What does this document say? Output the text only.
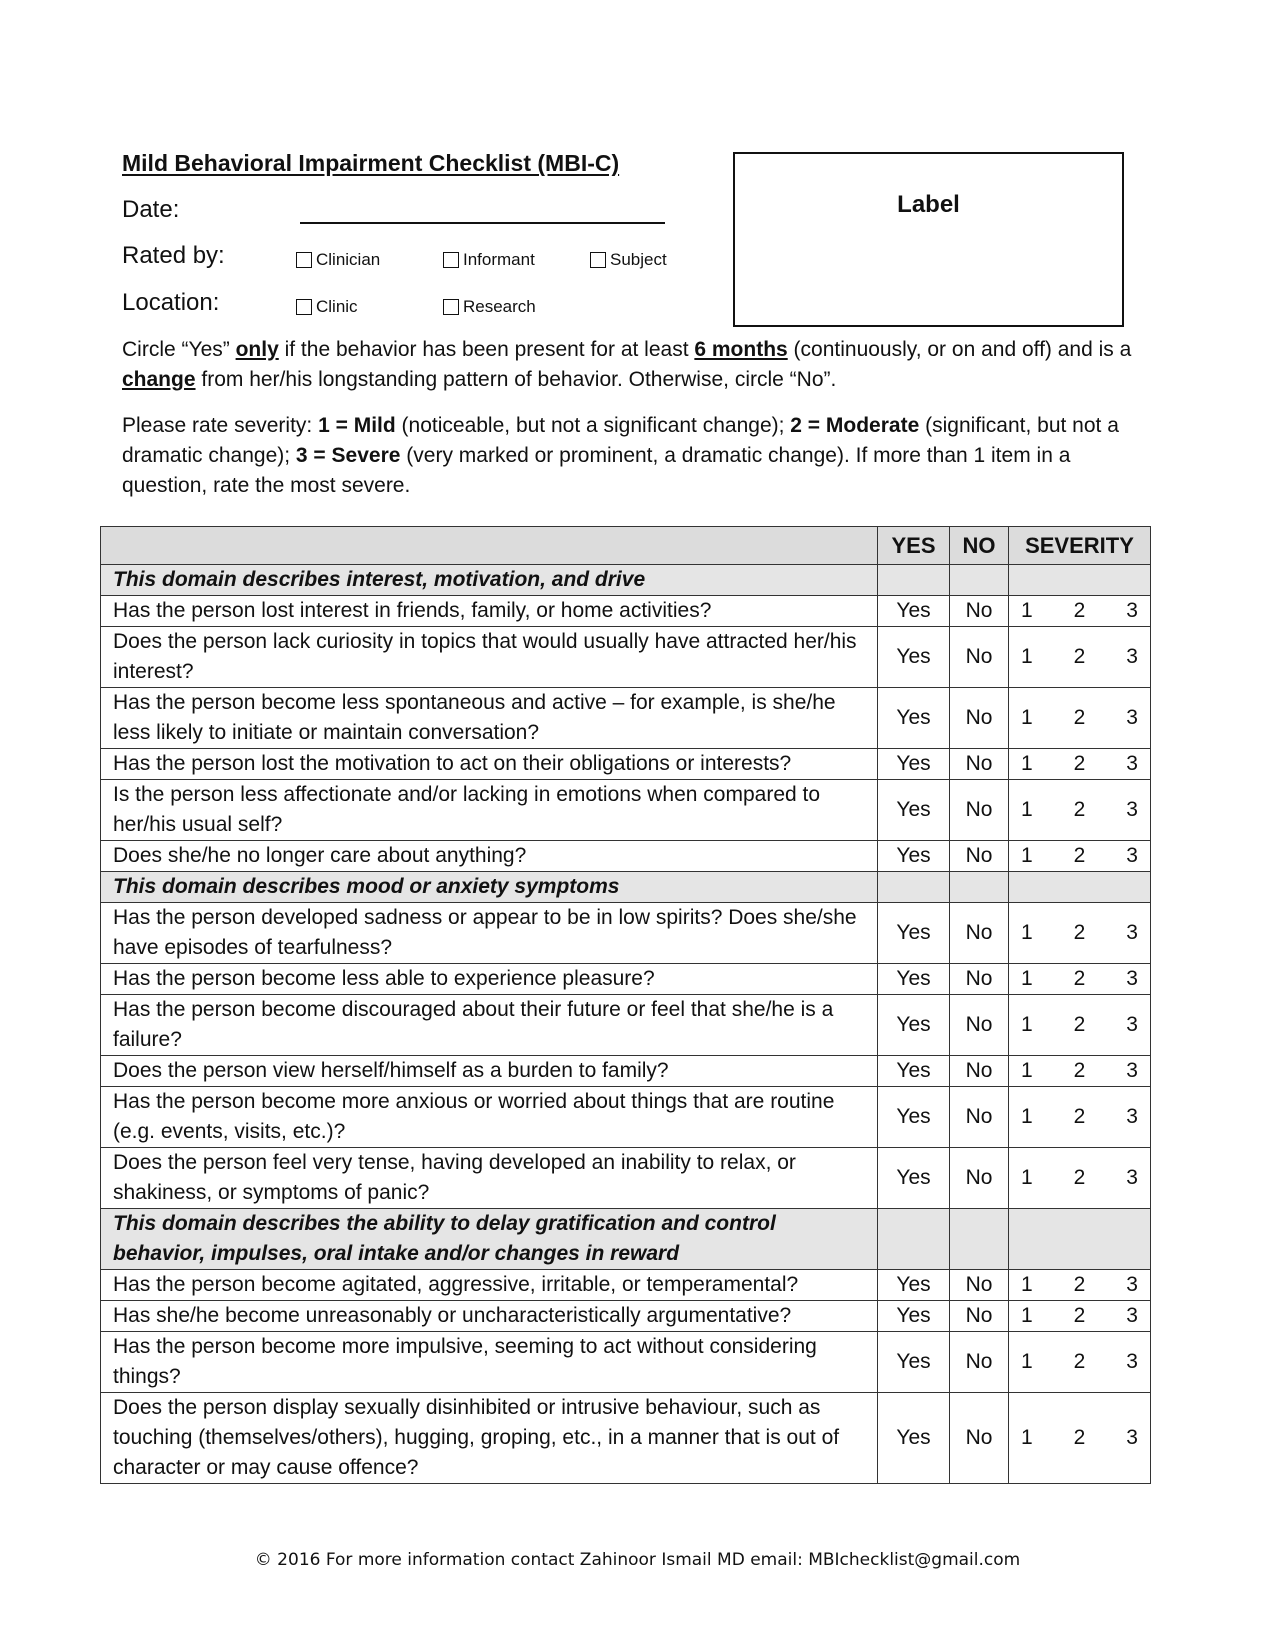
Mild Behavioral Impairment Checklist (MBI-C)
Date:
Rated by:	Clinician	Informant	Subject
Location:	Clinic	Research
Label
Circle “Yes” only if the behavior has been present for at least 6 months (continuously, or on and off) and is a change from her/his longstanding pattern of behavior. Otherwise, circle “No”.
Please rate severity: 1 = Mild (noticeable, but not a significant change); 2 = Moderate (significant, but not a dramatic change); 3 = Severe (very marked or prominent, a dramatic change). If more than 1 item in a question, rate the most severe.
	YES	NO	SEVERITY
This domain describes interest, motivation, and drive			
Has the person lost interest in friends, family, or home activities?	Yes	No	1 2 3

Does the person lack curiosity in topics that would usually have attracted her/his interest?	Yes	No	1 2 3

Has the person become less spontaneous and active – for example, is she/he less likely to initiate or maintain conversation?	Yes	No	1 2 3

Has the person lost the motivation to act on their obligations or interests?	Yes	No	1 2 3

Is the person less affectionate and/or lacking in emotions when compared to her/his usual self?	Yes	No	1 2 3

Does she/he no longer care about anything?	Yes	No	1 2 3

This domain describes mood or anxiety symptoms			
Has the person developed sadness or appear to be in low spirits? Does she/she have episodes of tearfulness?	Yes	No	1 2 3

Has the person become less able to experience pleasure?	Yes	No	1 2 3

Has the person become discouraged about their future or feel that she/he is a failure?	Yes	No	1 2 3

Does the person view herself/himself as a burden to family?	Yes	No	1 2 3

Has the person become more anxious or worried about things that are routine (e.g. events, visits, etc.)?	Yes	No	1 2 3

Does the person feel very tense, having developed an inability to relax, or shakiness, or symptoms of panic?	Yes	No	1 2 3

This domain describes the ability to delay gratification and control behavior, impulses, oral intake and/or changes in reward			
Has the person become agitated, aggressive, irritable, or temperamental?	Yes	No	1 2 3

Has she/he become unreasonably or uncharacteristically argumentative?	Yes	No	1 2 3

Has the person become more impulsive, seeming to act without considering things?	Yes	No	1 2 3

Does the person display sexually disinhibited or intrusive behaviour, such as touching (themselves/others), hugging, groping, etc., in a manner that is out of character or may cause offence?	Yes	No	1 2 3
© 2016 For more information contact Zahinoor Ismail MD email: MBIchecklist@gmail.com
